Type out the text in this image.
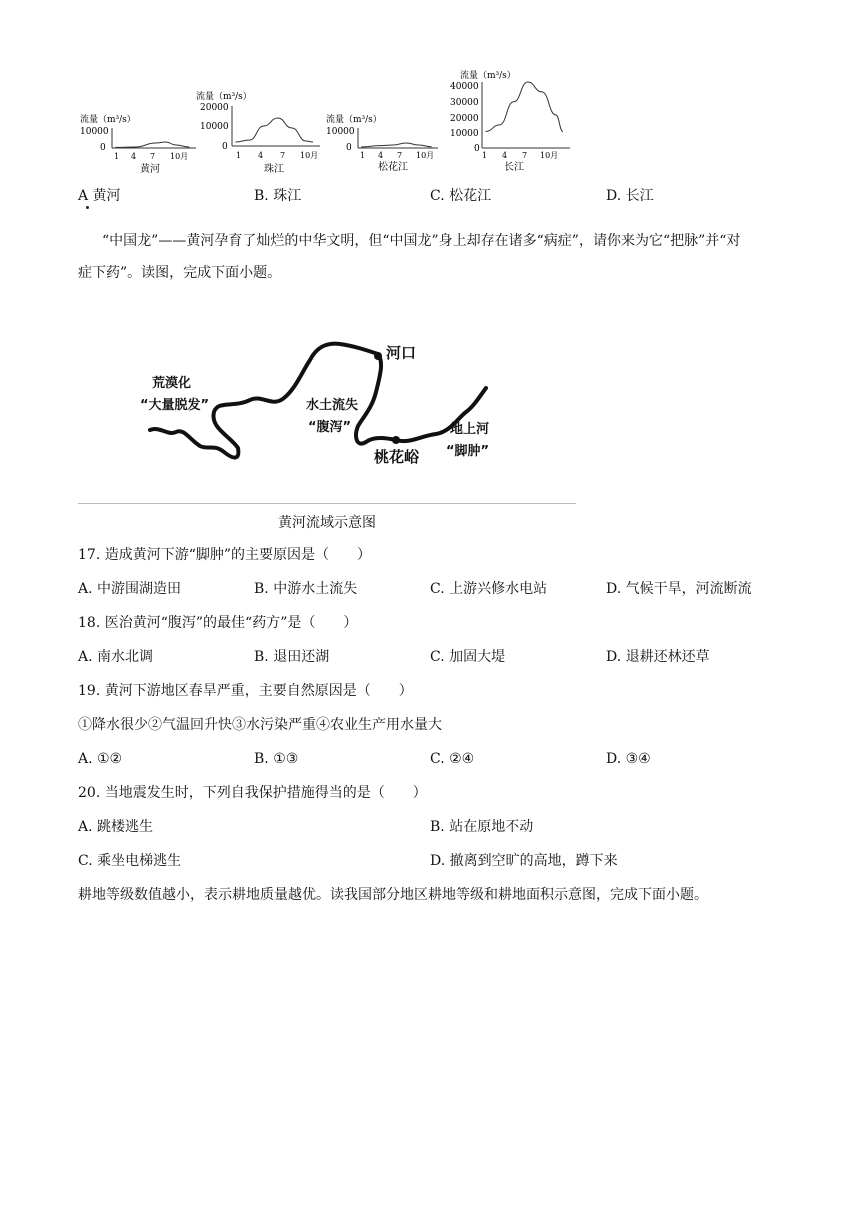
流量（m³/s）
10000
0
1 4 7 10月
黄河
流量（m³/s）
20000
10000
0
1 4 7 10月
珠江
流量（m³/s）
10000
0
1 4 7 10月
松花江
流量（m³/s）
40000
30000
20000
10000
0
1 4 7 10月
长江
A 黄河	B. 珠江	C. 松花江	D. 长江
“中国龙”——黄河孕育了灿烂的中华文明，但“中国龙”身上却存在诸多“病症”，请你来为它“把脉”并“对
症下药”。读图，完成下面小题。
河口
桃花峪
荒漠化
“大量脱发”	水土流失
“腹泻”	地上河
“脚肿”
黄河流域示意图
17. 造成黄河下游“脚肿”的主要原因是（　　）
A. 中游围湖造田	B. 中游水土流失	C. 上游兴修水电站	D. 气候干旱，河流断流
18. 医治黄河“腹泻”的最佳“药方”是（　　）
A. 南水北调	B. 退田还湖	C. 加固大堤	D. 退耕还林还草
19. 黄河下游地区春旱严重，主要自然原因是（　　）
①降水很少②气温回升快③水污染严重④农业生产用水量大
A. ①②	B. ①③	C. ②④	D. ③④
20. 当地震发生时，下列自我保护措施得当的是（　　）
A. 跳楼逃生	B. 站在原地不动
C. 乘坐电梯逃生	D. 撤离到空旷的高地，蹲下来
耕地等级数值越小，表示耕地质量越优。读我国部分地区耕地等级和耕地面积示意图，完成下面小题。
